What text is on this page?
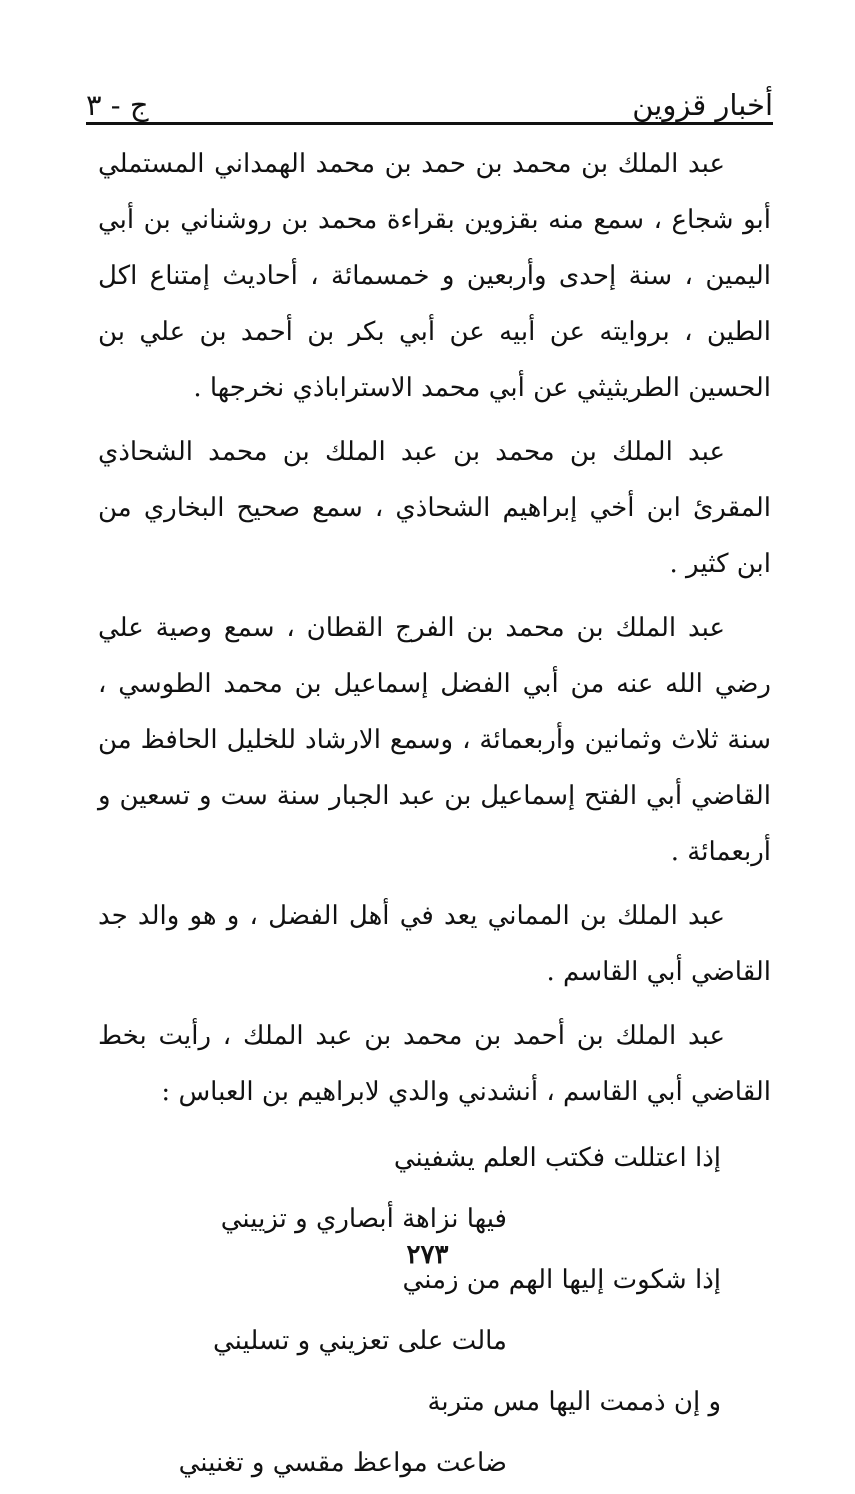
أخبار قزوين
ج - ٣

عبد الملك بن محمد بن حمد بن محمد الهمداني المستملي أبو شجاع ، سمع منه بقزوين بقراءة محمد بن روشناني بن أبي اليمين ، سنة إحدى وأربعين و خمسمائة ، أحاديث إمتناع اكل الطين ، بروايته عن أبيه عن أبي بكر بن أحمد بن علي بن الحسين الطريثيثي عن أبي محمد الاستراباذي نخرجها .

عبد الملك بن محمد بن عبد الملك بن محمد الشحاذي المقرئ ابن أخي إبراهيم الشحاذي ، سمع صحيح البخاري من ابن كثير .

عبد الملك بن محمد بن الفرج القطان ، سمع وصية علي رضي الله عنه من أبي الفضل إسماعيل بن محمد الطوسي ، سنة ثلاث وثمانين وأربعمائة ، وسمع الارشاد للخليل الحافظ من القاضي أبي الفتح إسماعيل بن عبد الجبار سنة ست و تسعين و أربعمائة .

عبد الملك بن المماني يعد في أهل الفضل ، و هو والد جد القاضي أبي القاسم .

عبد الملك بن أحمد بن محمد بن عبد الملك ، رأيت بخط القاضي أبي القاسم ، أنشدني والدي لابراهيم بن العباس :

إذا اعتللت فكتب العلم يشفيني
فيها نزاهة أبصاري و تزييني
إذا شكوت إليها الهم من زمني
مالت على تعزيني و تسليني
و إن ذممت اليها مس متربة
ضاعت مواعظ مقسي و تغنيني
٢٧٣
